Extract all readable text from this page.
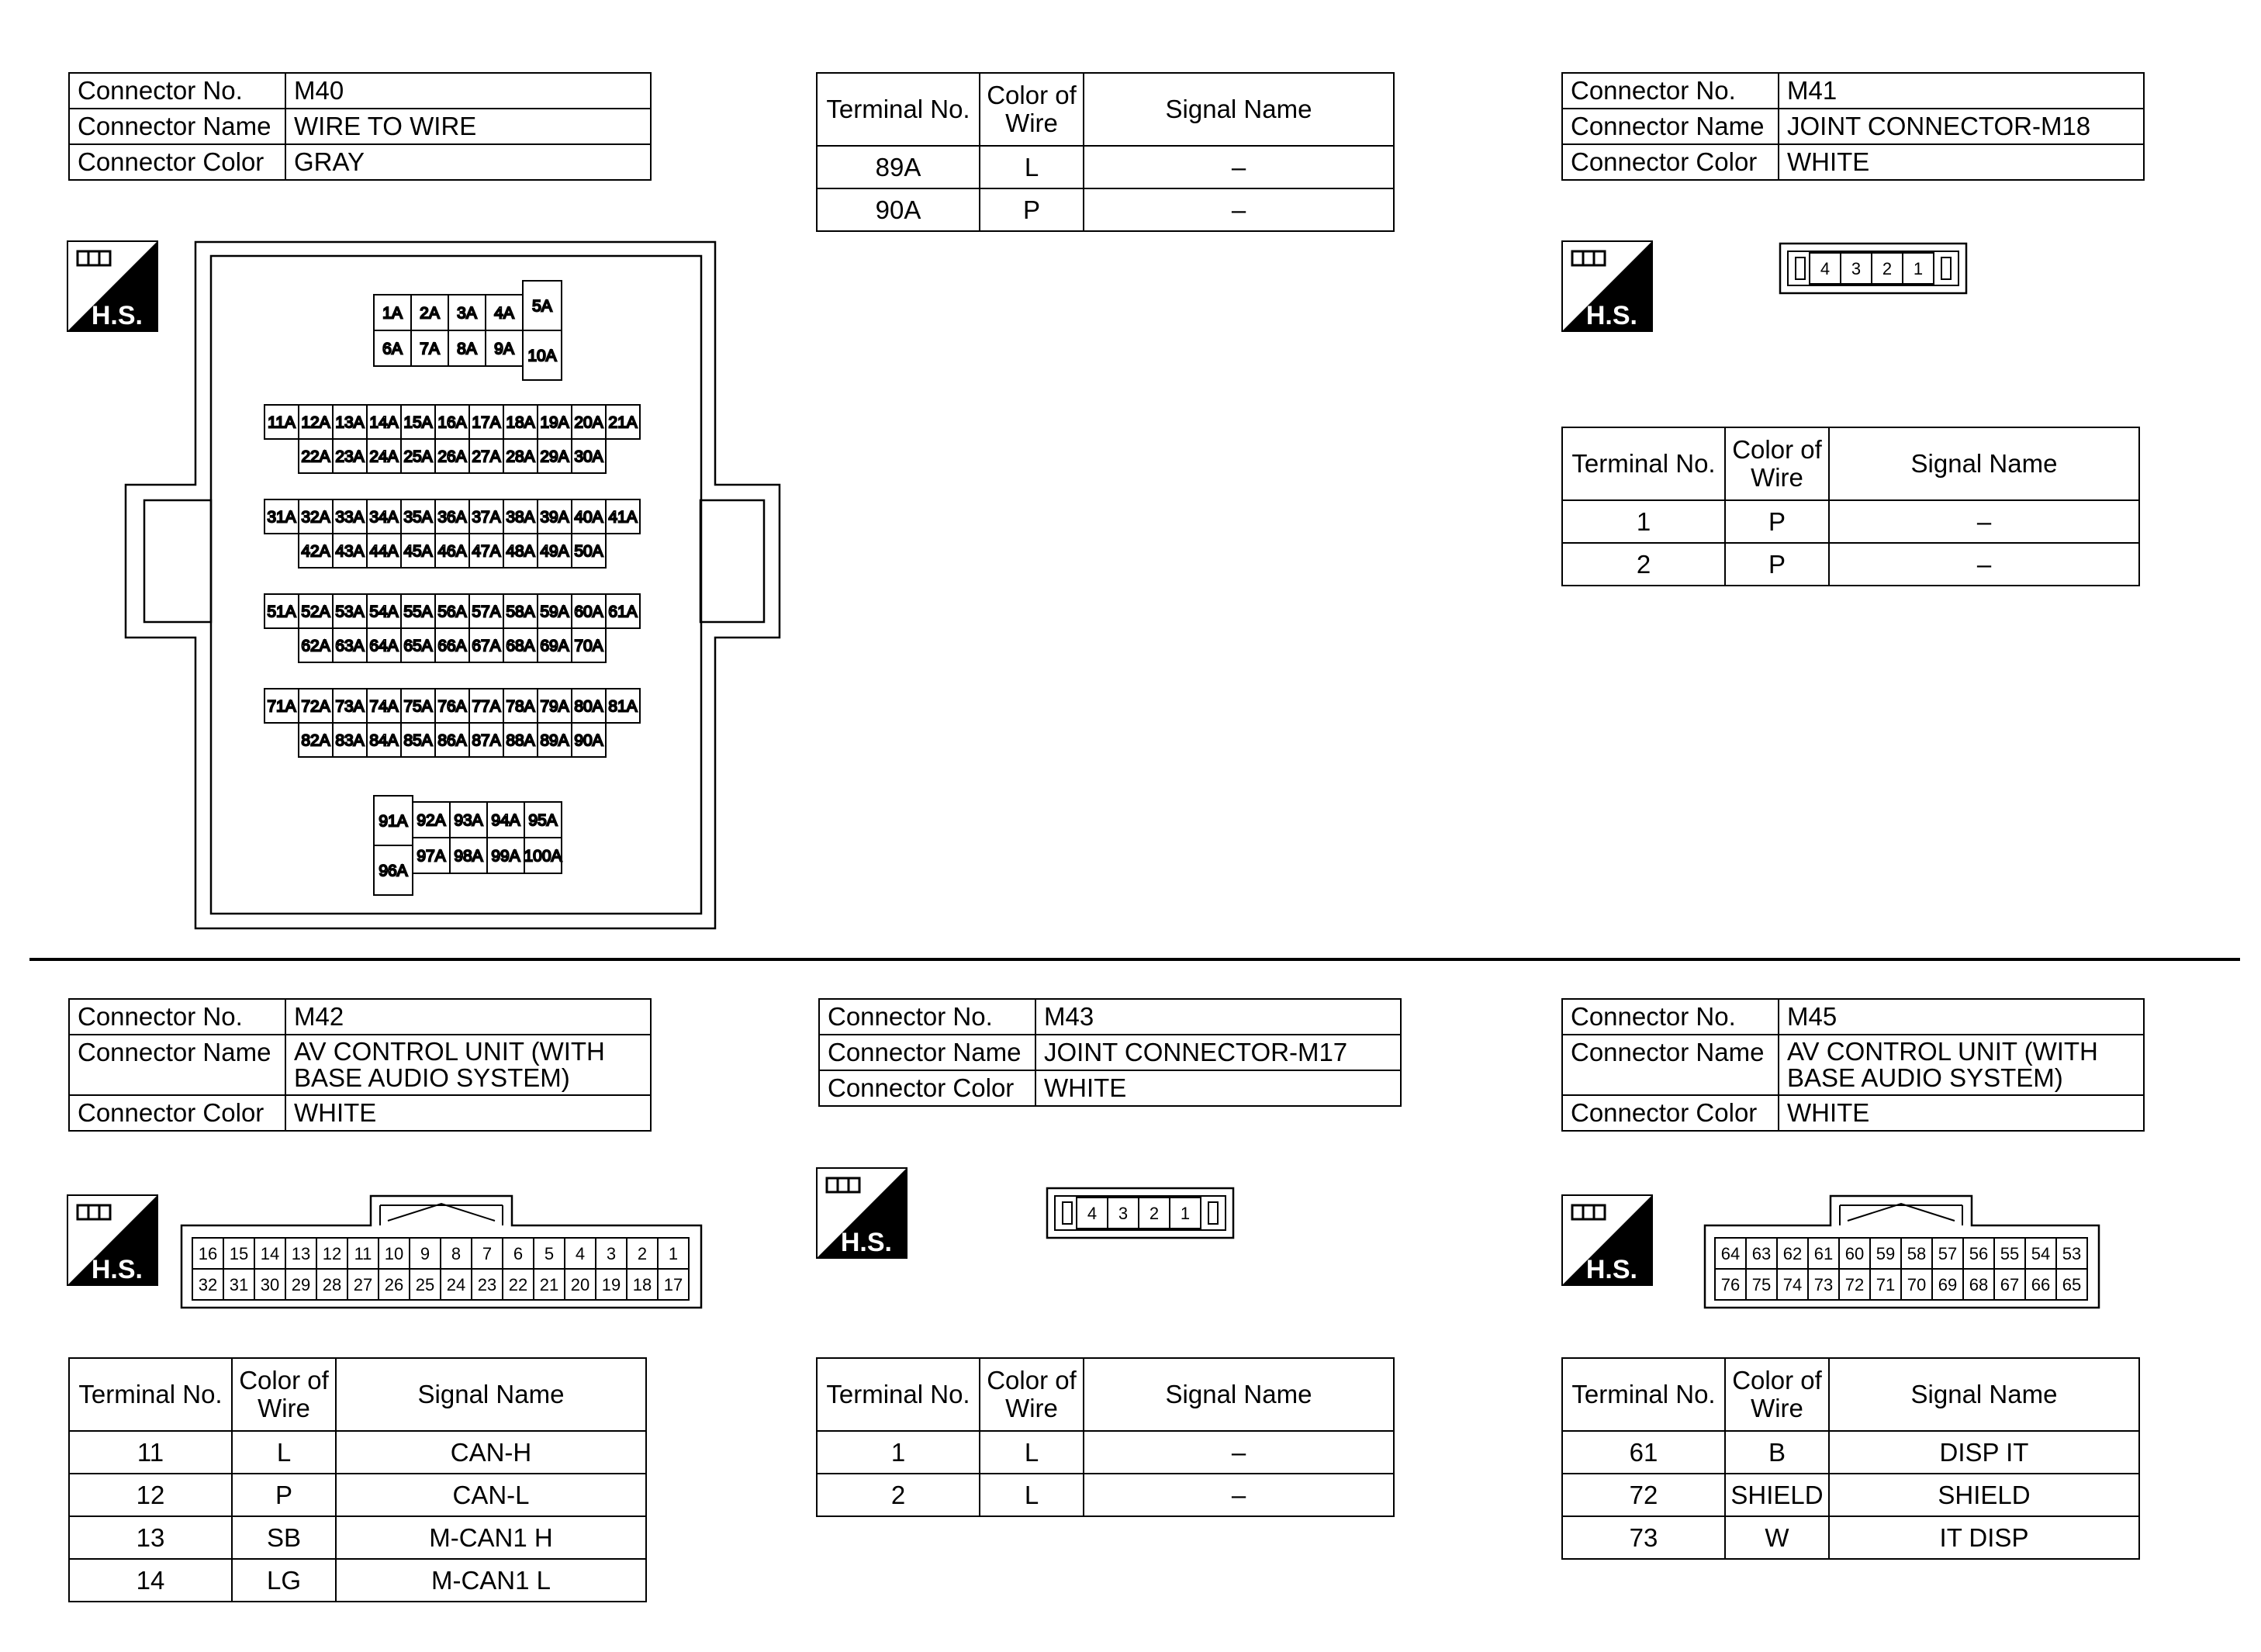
Connector No.	M40
Connector Name	WIRE TO WIRE
Connector Color	GRAY
Terminal No.	Color of
Wire	Signal Name
89A	L	–
90A	P	–
H.S.	1A 2A 3A 4A
6A 7A 8A 9A
5A
10A
11A 12A 13A 14A 15A 16A 17A 18A 19A 20A 21A
22A 23A 24A 25A 26A 27A 28A 29A 30A
31A 32A 33A 34A 35A 36A 37A 38A 39A 40A 41A
42A 43A 44A 45A 46A 47A 48A 49A 50A
51A 52A 53A 54A 55A 56A 57A 58A 59A 60A 61A
62A 63A 64A 65A 66A 67A 68A 69A 70A
71A 72A 73A 74A 75A 76A 77A 78A 79A 80A 81A
82A 83A 84A 85A 86A 87A 88A 89A 90A
91A
96A
92A 93A 94A 95A
97A 98A 99A 100A
Connector No.	M41
Connector Name	JOINT CONNECTOR-M18
Connector Color	WHITE
H.S.
4 3 2 1
Terminal No.	Color of
Wire	Signal Name
1	P	–
2	P	–
Connector No.	M42
Connector Name	AV CONTROL UNIT (WITH
BASE AUDIO SYSTEM)
Connector Color	WHITE
H.S.
16 15 14 13 12 11 10 9 8 7 6 5 4 3 2 1
32 31 30 29 28 27 26 25 24 23 22 21 20 19 18 17
Terminal No.	Color of
Wire	Signal Name
11	L	CAN-H
12	P	CAN-L
13	SB	M-CAN1 H
14	LG	M-CAN1 L
Connector No.	M43
Connector Name	JOINT CONNECTOR-M17
Connector Color	WHITE
H.S.
4 3 2 1
Terminal No.	Color of
Wire	Signal Name
1	L	–
2	L	–
Connector No.	M45
Connector Name	AV CONTROL UNIT (WITH
BASE AUDIO SYSTEM)
Connector Color	WHITE
H.S.
64 63 62 61 60 59 58 57 56 55 54 53
76 75 74 73 72 71 70 69 68 67 66 65
Terminal No.	Color of
Wire	Signal Name
61	B	DISP IT
72	SHIELD	SHIELD
73	W	IT DISP
